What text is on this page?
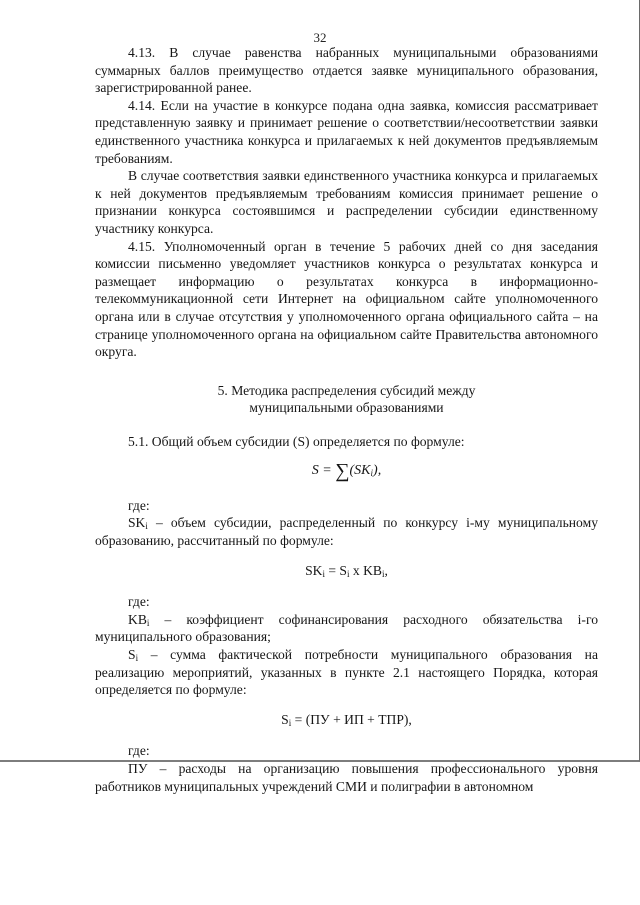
32

4.13. В случае равенства набранных муниципальными образованиями суммарных баллов преимущество отдается заявке муниципального образования, зарегистрированной ранее.

4.14. Если на участие в конкурсе подана одна заявка, комиссия рассматривает представленную заявку и принимает решение о соответствии/несоответствии заявки единственного участника конкурса и прилагаемых к ней документов предъявляемым требованиям.

В случае соответствия заявки единственного участника конкурса и прилагаемых к ней документов предъявляемым требованиям комиссия принимает решение о признании конкурса состоявшимся и распределении субсидии единственному участнику конкурса.

4.15. Уполномоченный орган в течение 5 рабочих дней со дня заседания комиссии письменно уведомляет участников конкурса о результатах конкурса и размещает информацию о результатах конкурса в информационно-телекоммуникационной сети Интернет на официальном сайте уполномоченного органа или в случае отсутствия у уполномоченного органа официального сайта – на странице уполномоченного органа на официальном сайте Правительства автономного округа.

5. Методика распределения субсидий между
муниципальными образованиями

5.1. Общий объем субсидии (S) определяется по формуле:

$S = \sum(SK_i)$,

где:

$SK_i$ – объем субсидии, распределенный по конкурсу i-му муниципальному образованию, рассчитанный по формуле:

$SK_i = S_i$ x $KB_i$,

где:

$KB_i$ – коэффициент софинансирования расходного обязательства i-го муниципального образования;

$S_i$ – сумма фактической потребности муниципального образования на реализацию мероприятий, указанных в пункте 2.1 настоящего Порядка, которая определяется по формуле:

$S_i = (ПУ$ + ИП + ТПР),

где:

ПУ – расходы на организацию повышения профессионального уровня работников муниципальных учреждений СМИ и полиграфии в автономном
